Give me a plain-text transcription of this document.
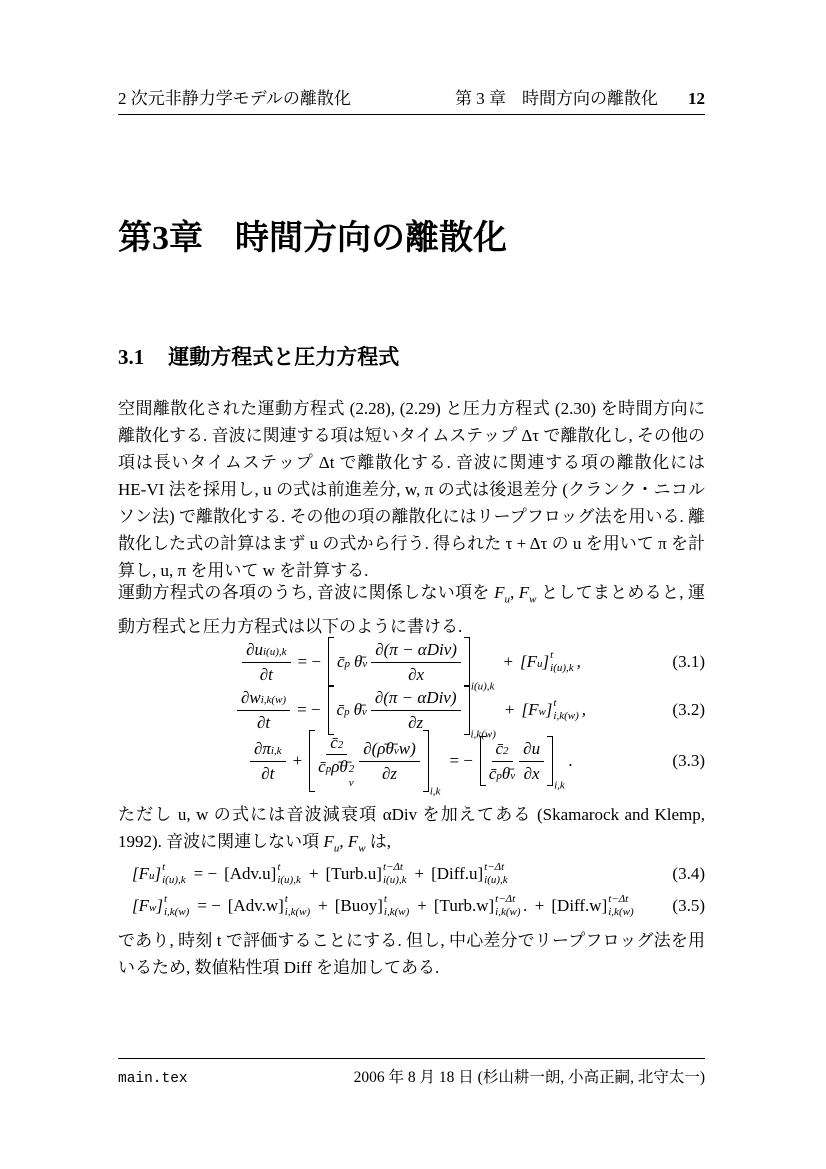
2 次元非静力学モデルの離散化	第 3 章 時間方向の離散化 12
第3章 時間方向の離散化
3.1 運動方程式と圧力方程式

空間離散化された運動方程式 (2.28), (2.29) と圧力方程式 (2.30) を時間方向に離散化する. 音波に関連する項は短いタイムステップ Δτ で離散化し, その他の項は長いタイムステップ Δt で離散化する. 音波に関連する項の離散化には HE-VI 法を採用し, u の式は前進差分, w, π の式は後退差分 (クランク・ニコルソン法) で離散化する. その他の項の離散化にはリープフロッグ法を用いる. 離散化した式の計算はまず u の式から行う. 得られた τ + Δτ の u を用いて π を計算し, u, π を用いて w を計算する.

運動方程式の各項のうち, 音波に関係しない項を $F_u$, $F_w$ としてまとめると, 運動方程式と圧力方程式は以下のように書ける.

$\frac{\text{∂u i(u),k}}{\partial t}$ = − c̄ p θ̄ v $\frac{\text{∂(π − αDiv)}}{\partial x}$
i(u),k
+ [F u ] t
i(u),k ,	(3.1)
$\frac{\text{∂w i,k(w)}}{\partial t}$ = − c̄ p θ̄ v $\frac{\text{∂(π − αDiv)}}{\partial z}$
i,k(w)
+ [F w ] t
i,k(w) ,	(3.2)
$\frac{\text{∂π i,k}}{\partial t}$ + c̄ 2
c̄ p ρ̄ θ̄ 2
v $\frac{\text{∂(ρ̄ θ̄ v w)}}{\partial z}$
i,k
= − $\frac{c̄ 2}{\text{c̄ p θ̄ v}} \frac{\partial u}{\partial x}$
i,k
.	(3.3)

ただし u, w の式には音波減衰項 αDiv を加えてある (Skamarock and Klemp, 1992). 音波に関連しない項 $F_u$, $F_w$ は,

[F u ] t
i(u),k = − [Adv.u] t
i(u),k + [Turb.u] t−Δt
i(u),k + [Diff.u] t−Δt
i(u),k	(3.4)
[F w ] t
i,k(w) = − [Adv.w] t
i,k(w) + [Buoy] t
i,k(w) + [Turb.w] t−Δt
i,k(w) . + [Diff.w] t−Δt
i,k(w) (3.5)

であり, 時刻 t で評価することにする. 但し, 中心差分でリープフロッグ法を用いるため, 数値粘性項 Diff を追加してある.

main.tex	2006 年 8 月 18 日 (杉山耕一朗, 小高正嗣, 北守太一)
